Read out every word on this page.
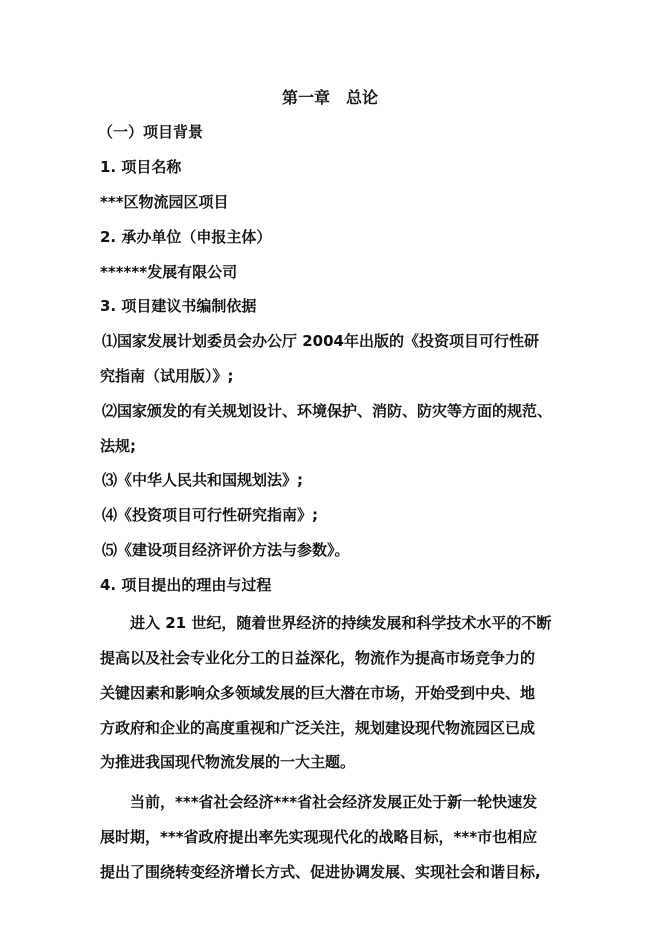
第一章　总论
（一）项目背景
1. 项目名称
***区物流园区项目
2. 承办单位（申报主体）
******发展有限公司
3. 项目建议书编制依据
⑴国家发展计划委员会办公厅 2004年出版的《投资项目可行性研
究指南（试用版）》;
⑵国家颁发的有关规划设计、环境保护、消防、防灾等方面的规范、
法规;
⑶《中华人民共和国规划法》;
⑷《投资项目可行性研究指南》;
⑸《建设项目经济评价方法与参数》。
4. 项目提出的理由与过程
进入 21 世纪，随着世界经济的持续发展和科学技术水平的不断
提高以及社会专业化分工的日益深化，物流作为提高市场竞争力的
关键因素和影响众多领域发展的巨大潜在市场，开始受到中央、地
方政府和企业的高度重视和广泛关注，规划建设现代物流园区已成
为推进我国现代物流发展的一大主题。
当前，***省社会经济***省社会经济发展正处于新一轮快速发
展时期，***省政府提出率先实现现代化的战略目标，***市也相应
提出了围绕转变经济增长方式、促进协调发展、实现社会和谐目标,
